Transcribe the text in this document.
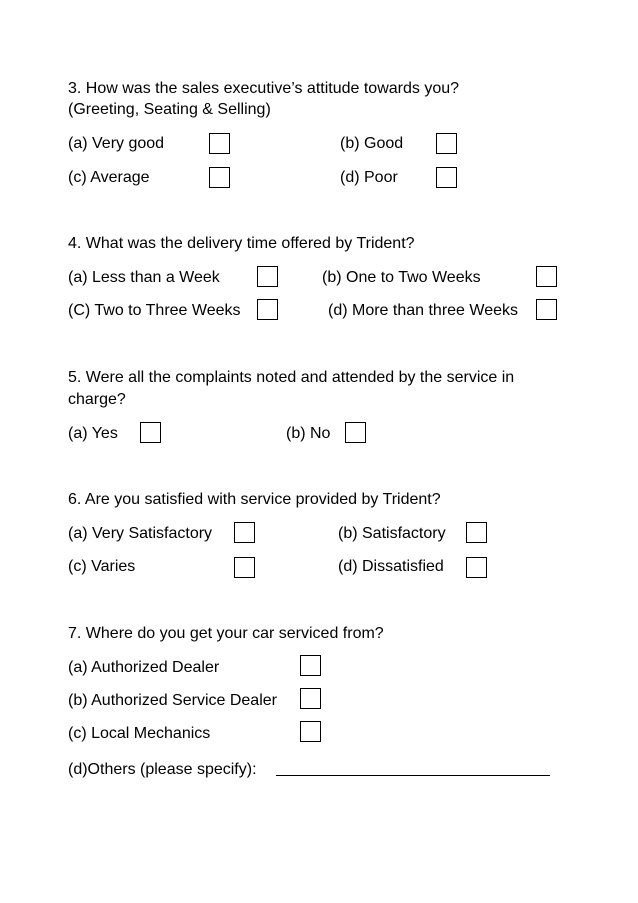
3. How was the sales executive’s attitude towards you?
(Greeting, Seating & Selling)
(a) Very good	(b) Good
(c) Average	(d) Poor
4. What was the delivery time offered by Trident?
(a) Less than a Week	(b) One to Two Weeks
(C) Two to Three Weeks	(d) More than three Weeks
5. Were all the complaints noted and attended by the service in
charge?
(a) Yes	(b) No
6. Are you satisfied with service provided by Trident?
(a) Very Satisfactory	(b) Satisfactory
(c) Varies	(d) Dissatisfied
7. Where do you get your car serviced from?
(a) Authorized Dealer
(b) Authorized Service Dealer
(c) Local Mechanics
(d)Others (please specify):
